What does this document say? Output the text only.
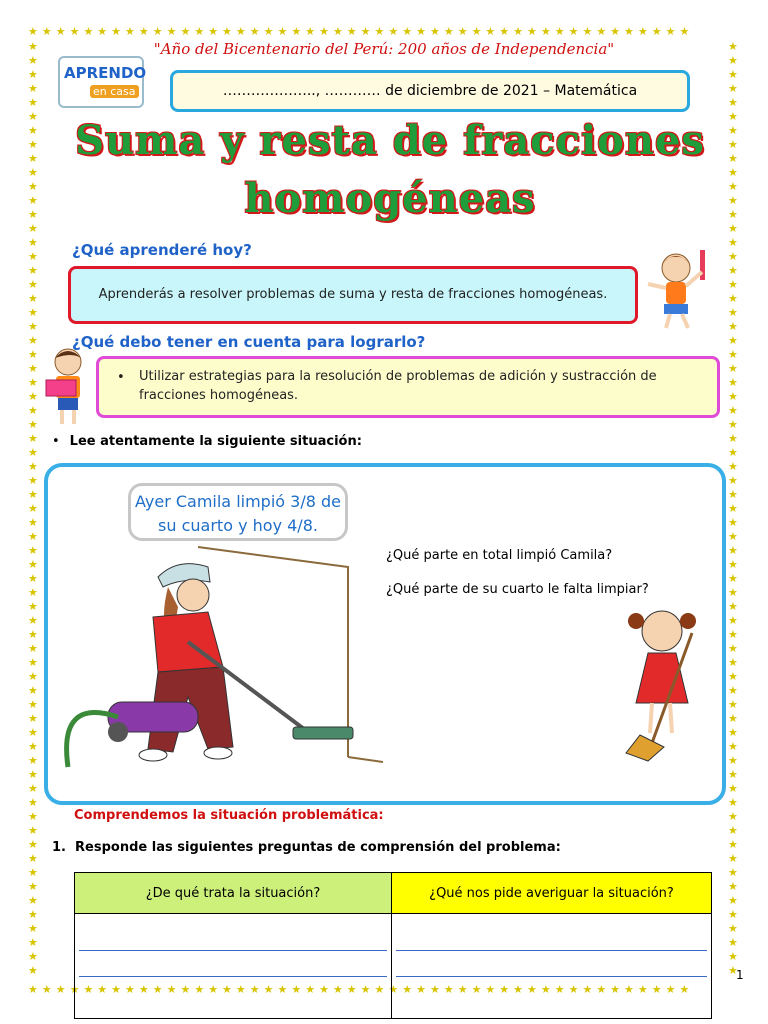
★★★★★★★★★★★★★★★★★★★★★★★★★★★★★★★★★★★★★★★★★★★★★★★★
★★★★★★★★★★★★★★★★★★★★★★★★★★★★★★★★★★★★★★★★★★★★★★★★
★★★★★★★★★★★★★★★★★★★★★★★★★★★★★★★★★★★★★★★★★★★★★★★★★★★★★★★★★★★★★★★★★★★
★★★★★★★★★★★★★★★★★★★★★★★★★★★★★★★★★★★★★★★★★★★★★★★★★★★★★★★★★★★★★★★★★★★
"Año del Bicentenario del Perú: 200 años de Independencia"
APRENDO
en casa	……………….., ………… de diciembre de 2021 – Matemática
Suma y resta de fracciones
homogéneas
¿Qué aprenderé hoy?
Aprenderás a resolver problemas de suma y resta de fracciones homogéneas.
¿Qué debo tener en cuenta para lograrlo?
• Utilizar estrategias para la resolución de problemas de adición y sustracción de fracciones homogéneas.
• Lee atentamente la siguiente situación:
Ayer Camila limpió 3/8 de su cuarto y hoy 4/8.
¿Qué parte en total limpió Camila?
¿Qué parte de su cuarto le falta limpiar?
Comprendemos la situación problemática:
1. Responde las siguientes preguntas de comprensión del problema:
¿De qué trata la situación?	¿Qué nos pide averiguar la situación?

1
